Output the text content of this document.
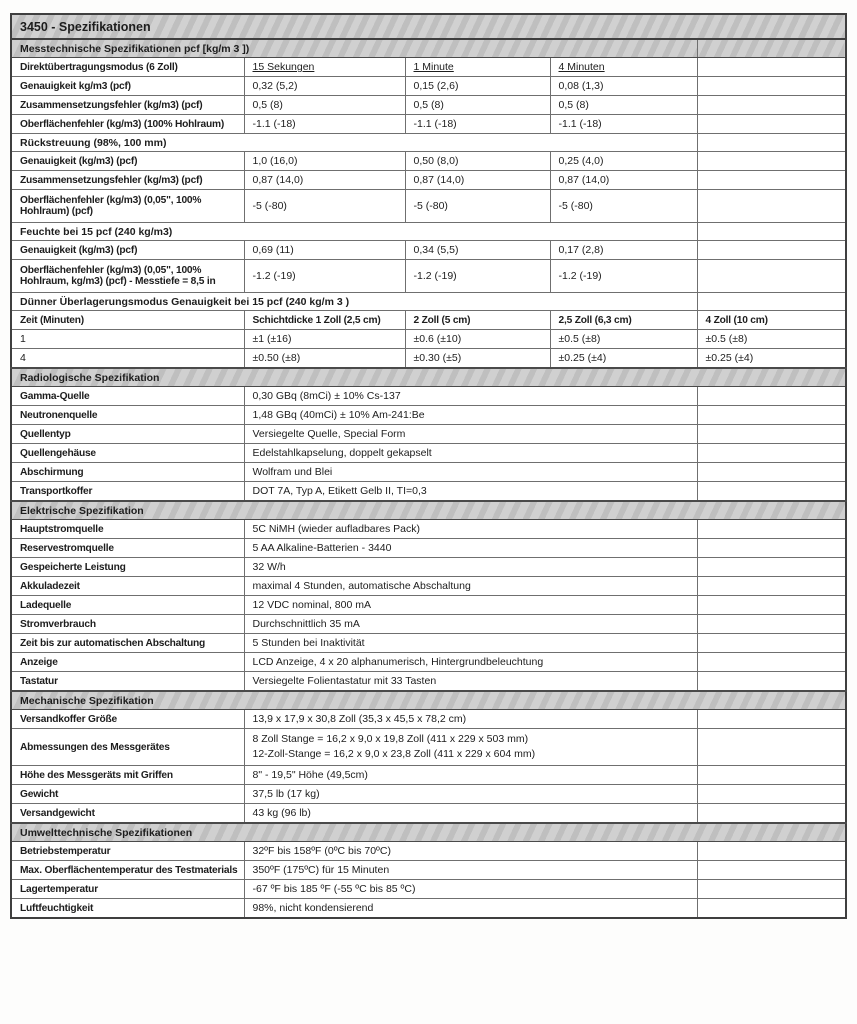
3450 - Spezifikationen				
Messtechnische Spezifikationen pcf [kg/m 3 ])				
Direktübertragungsmodus (6 Zoll)	15 Sekungen	1 Minute	4 Minuten	
Genauigkeit kg/m3 (pcf)	0,32 (5,2)	0,15 (2,6)	0,08 (1,3)	
Zusammensetzungsfehler (kg/m3) (pcf)	0,5 (8)	0,5 (8)	0,5 (8)	
Oberflächenfehler (kg/m3) (100% Hohlraum)	-1.1 (-18)	-1.1 (-18)	-1.1 (-18)	
Rückstreuung (98%, 100 mm)				
Genauigkeit (kg/m3) (pcf)	1,0 (16,0)	0,50 (8,0)	0,25 (4,0)	
Zusammensetzungsfehler (kg/m3) (pcf)	0,87 (14,0)	0,87 (14,0)	0,87 (14,0)	
Oberflächenfehler (kg/m3) (0,05", 100% Hohlraum) (pcf)	-5 (-80)	-5 (-80)	-5 (-80)	
Feuchte bei 15 pcf (240 kg/m3)				
Genauigkeit (kg/m3) (pcf)	0,69 (11)	0,34 (5,5)	0,17 (2,8)	
Oberflächenfehler (kg/m3) (0,05", 100% Hohlraum, kg/m3) (pcf) - Messtiefe = 8,5 in	-1.2 (-19)	-1.2 (-19)	-1.2 (-19)	
Dünner Überlagerungsmodus Genauigkeit bei 15 pcf (240 kg/m 3 )				
Zeit (Minuten)	Schichtdicke 1 Zoll (2,5 cm)	2 Zoll (5 cm)	2,5 Zoll (6,3 cm)	4 Zoll (10 cm)
1	±1 (±16)	±0.6 (±10)	±0.5 (±8)	±0.5 (±8)
4	±0.50 (±8)	±0.30 (±5)	±0.25 (±4)	±0.25 (±4)
Radiologische Spezifikation				
Gamma-Quelle	0,30 GBq (8mCi) ± 10% Cs-137			
Neutronenquelle	1,48 GBq (40mCi) ± 10% Am-241:Be			
Quellentyp	Versiegelte Quelle, Special Form			
Quellengehäuse	Edelstahlkapselung, doppelt gekapselt			
Abschirmung	Wolfram und Blei			
Transportkoffer	DOT 7A, Typ A, Etikett Gelb II, TI=0,3			
Elektrische Spezifikation				
Hauptstromquelle	5C NiMH (wieder aufladbares Pack)			
Reservestromquelle	5 AA Alkaline-Batterien - 3440			
Gespeicherte Leistung	32 W/h			
Akkuladezeit	maximal 4 Stunden, automatische Abschaltung			
Ladequelle	12 VDC nominal, 800 mA			
Stromverbrauch	Durchschnittlich 35 mA			
Zeit bis zur automatischen Abschaltung	5 Stunden bei Inaktivität			
Anzeige	LCD Anzeige, 4 x 20 alphanumerisch, Hintergrundbeleuchtung			
Tastatur	Versiegelte Folientastatur mit 33 Tasten			
Mechanische Spezifikation				
Versandkoffer Größe	13,9 x 17,9 x 30,8 Zoll (35,3 x 45,5 x 78,2 cm)			
Abmessungen des Messgerätes	8 Zoll Stange = 16,2 x 9,0 x 19,8 Zoll (411 x 229 x 503 mm)
12-Zoll-Stange = 16,2 x 9,0 x 23,8 Zoll (411 x 229 x 604 mm)			

Höhe des Messgeräts mit Griffen	8" - 19,5" Höhe (49,5cm)			
Gewicht	37,5 lb (17 kg)			
Versandgewicht	43 kg (96 lb)			
Umwelttechnische Spezifikationen				
Betriebstemperatur	32ºF bis 158ºF (0ºC bis 70ºC)			
Max. Oberflächentemperatur des Testmaterials	350ºF (175ºC) für 15 Minuten			
Lagertemperatur	-67 ºF bis 185 ºF (-55 ºC bis 85 ºC)			
Luftfeuchtigkeit	98%, nicht kondensierend			
